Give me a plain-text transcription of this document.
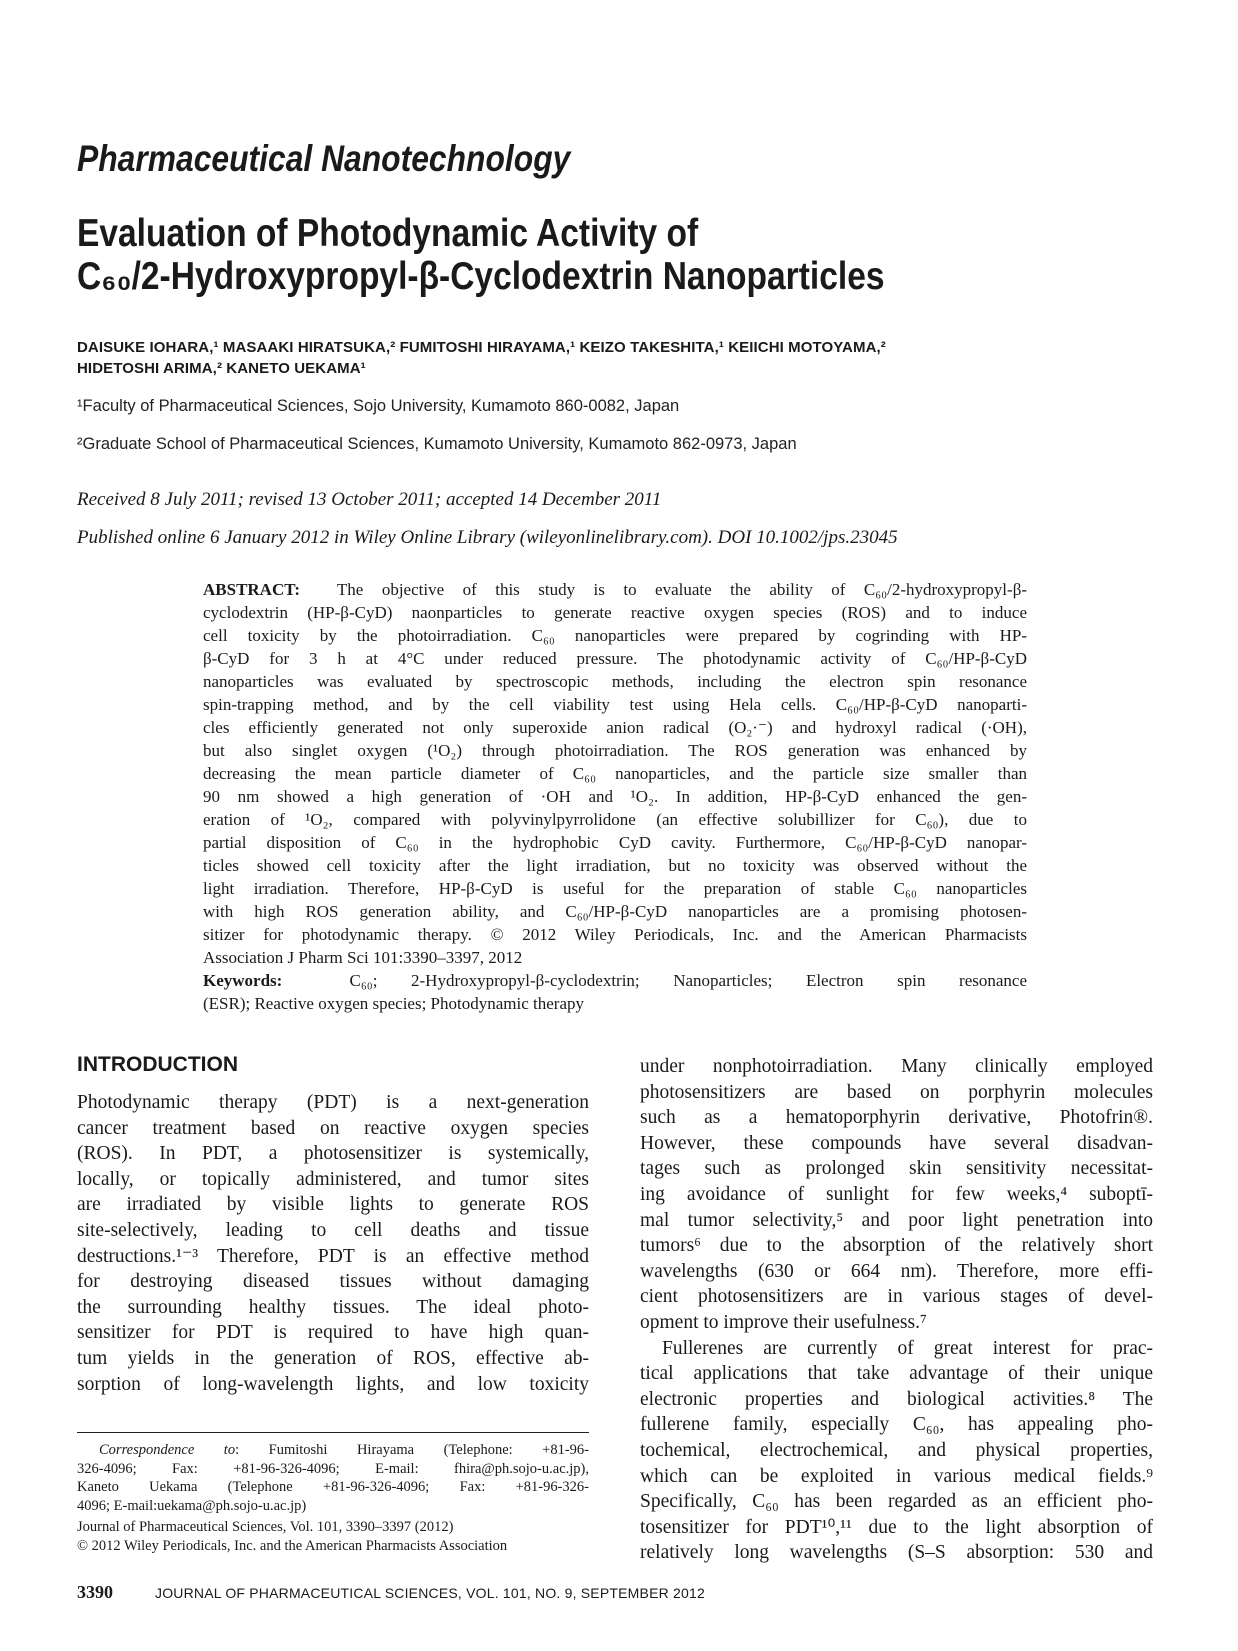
Pharmaceutical Nanotechnology
Evaluation of Photodynamic Activity of
C₆₀/2-Hydroxypropyl-β-Cyclodextrin Nanoparticles
DAISUKE IOHARA,¹ MASAAKI HIRATSUKA,² FUMITOSHI HIRAYAMA,¹ KEIZO TAKESHITA,¹ KEIICHI MOTOYAMA,²
HIDETOSHI ARIMA,² KANETO UEKAMA¹
¹Faculty of Pharmaceutical Sciences, Sojo University, Kumamoto 860-0082, Japan
²Graduate School of Pharmaceutical Sciences, Kumamoto University, Kumamoto 862-0973, Japan
Received 8 July 2011; revised 13 October 2011; accepted 14 December 2011
Published online 6 January 2012 in Wiley Online Library (wileyonlinelibrary.com). DOI 10.1002/jps.23045
ABSTRACT:  The objective of this study is to evaluate the ability of C₆₀/2-hydroxypropyl-β-
cyclodextrin (HP-β-CyD) naonparticles to generate reactive oxygen species (ROS) and to induce
cell toxicity by the photoirradiation. C₆₀ nanoparticles were prepared by cogrinding with HP-
β-CyD for 3 h at 4°C under reduced pressure. The photodynamic activity of C₆₀/HP-β-CyD
nanoparticles was evaluated by spectroscopic methods, including the electron spin resonance
spin-trapping method, and by the cell viability test using Hela cells. C₆₀/HP-β-CyD nanoparti-
cles efficiently generated not only superoxide anion radical (O₂·⁻) and hydroxyl radical (·OH),
but also singlet oxygen (¹O₂) through photoirradiation. The ROS generation was enhanced by
decreasing the mean particle diameter of C₆₀ nanoparticles, and the particle size smaller than
90 nm showed a high generation of ·OH and ¹O₂. In addition, HP-β-CyD enhanced the gen-
eration of ¹O₂, compared with polyvinylpyrrolidone (an effective solubillizer for C₆₀), due to
partial disposition of C₆₀ in the hydrophobic CyD cavity. Furthermore, C₆₀/HP-β-CyD nanopar-
ticles showed cell toxicity after the light irradiation, but no toxicity was observed without the
light irradiation. Therefore, HP-β-CyD is useful for the preparation of stable C₆₀ nanoparticles
with high ROS generation ability, and C₆₀/HP-β-CyD nanoparticles are a promising photosen-
sitizer for photodynamic therapy. © 2012 Wiley Periodicals, Inc. and the American Pharmacists
Association J Pharm Sci 101:3390–3397, 2012
Keywords:  C₆₀; 2-Hydroxypropyl-β-cyclodextrin; Nanoparticles; Electron spin resonance
(ESR); Reactive oxygen species; Photodynamic therapy
INTRODUCTION
Photodynamic therapy (PDT) is a next-generation
cancer treatment based on reactive oxygen species
(ROS). In PDT, a photosensitizer is systemically,
locally, or topically administered, and tumor sites
are irradiated by visible lights to generate ROS
site-selectively, leading to cell deaths and tissue
destructions.¹⁻³ Therefore, PDT is an effective method
for destroying diseased tissues without damaging
the surrounding healthy tissues. The ideal photo-
sensitizer for PDT is required to have high quan-
tum yields in the generation of ROS, effective ab-
sorption of long-wavelength lights, and low toxicity
under nonphotoirradiation. Many clinically employed
photosensitizers are based on porphyrin molecules
such as a hematoporphyrin derivative, Photofrin®.
However, these compounds have several disadvan-
tages such as prolonged skin sensitivity necessitat-
ing avoidance of sunlight for few weeks,⁴ suboptī-
mal tumor selectivity,⁵ and poor light penetration into
tumors⁶ due to the absorption of the relatively short
wavelengths (630 or 664 nm). Therefore, more effi-
cient photosensitizers are in various stages of devel-
opment to improve their usefulness.⁷
Fullerenes are currently of great interest for prac-
tical applications that take advantage of their unique
electronic properties and biological activities.⁸ The
fullerene family, especially C₆₀, has appealing pho-
tochemical, electrochemical, and physical properties,
which can be exploited in various medical fields.⁹
Specifically, C₆₀ has been regarded as an efficient pho-
tosensitizer for PDT¹⁰,¹¹ due to the light absorption of
relatively long wavelengths (S–S absorption: 530 and
Correspondence to: Fumitoshi Hirayama (Telephone: +81-96-
326-4096; Fax: +81-96-326-4096; E-mail: fhira@ph.sojo-u.ac.jp),
Kaneto Uekama (Telephone +81-96-326-4096; Fax: +81-96-326-
4096; E-mail:uekama@ph.sojo-u.ac.jp)
Journal of Pharmaceutical Sciences, Vol. 101, 3390–3397 (2012)
© 2012 Wiley Periodicals, Inc. and the American Pharmacists Association
3390	JOURNAL OF PHARMACEUTICAL SCIENCES, VOL. 101, NO. 9, SEPTEMBER 2012
